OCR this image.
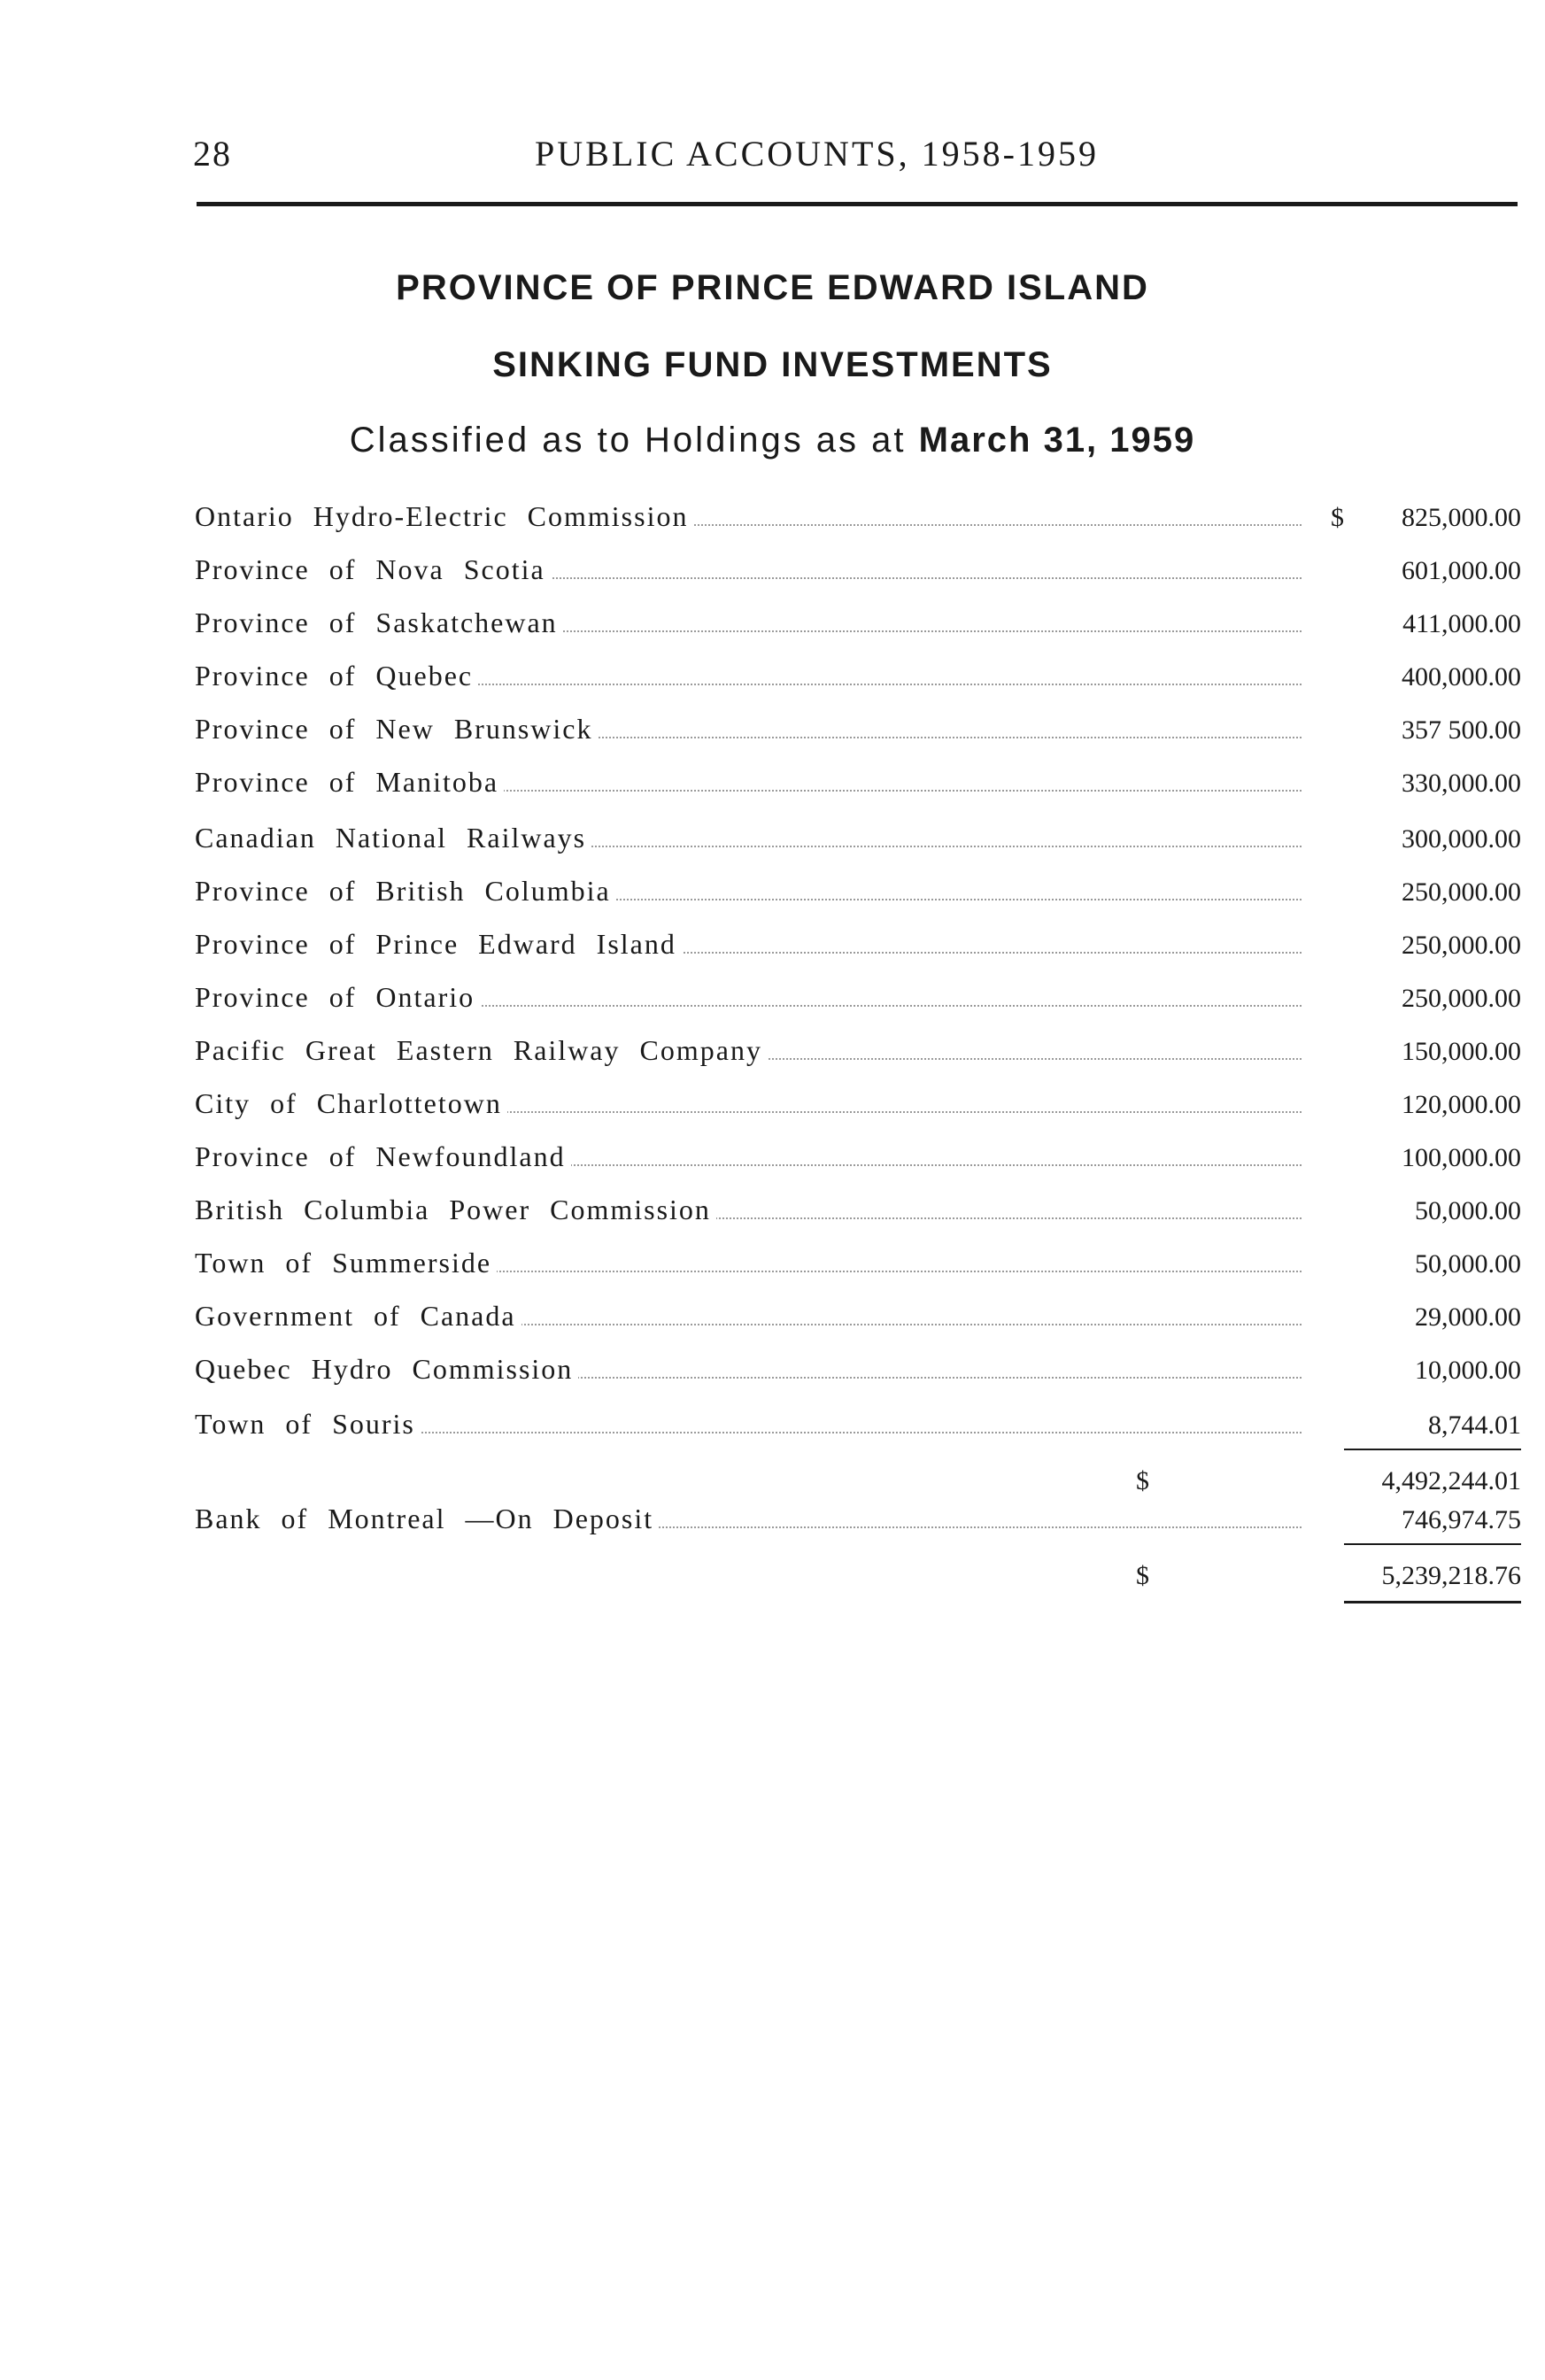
28	PUBLIC ACCOUNTS, 1958-1959
PROVINCE OF PRINCE EDWARD ISLAND
SINKING FUND INVESTMENTS
Classified as to Holdings as at March 31, 1959
Ontario Hydro-Electric Commission	$ 825,000.00
Province of Nova Scotia	601,000.00
Province of Saskatchewan	411,000.00
Province of Quebec	400,000.00
Province of New Brunswick	357 500.00
Province of Manitoba	330,000.00
Canadian National Railways	300,000.00
Province of British Columbia	250,000.00
Province of Prince Edward Island	250,000.00
Province of Ontario	250,000.00
Pacific Great Eastern Railway Company	150,000.00
City of Charlottetown	120,000.00
Province of Newfoundland	100,000.00
British Columbia Power Commission	50,000.00
Town of Summerside	50,000.00
Government of Canada	29,000.00
Quebec Hydro Commission	10,000.00
Town of Souris	8,744.01
$	4,492,244.01
Bank of Montreal —On Deposit	746,974.75
$	5,239,218.76
